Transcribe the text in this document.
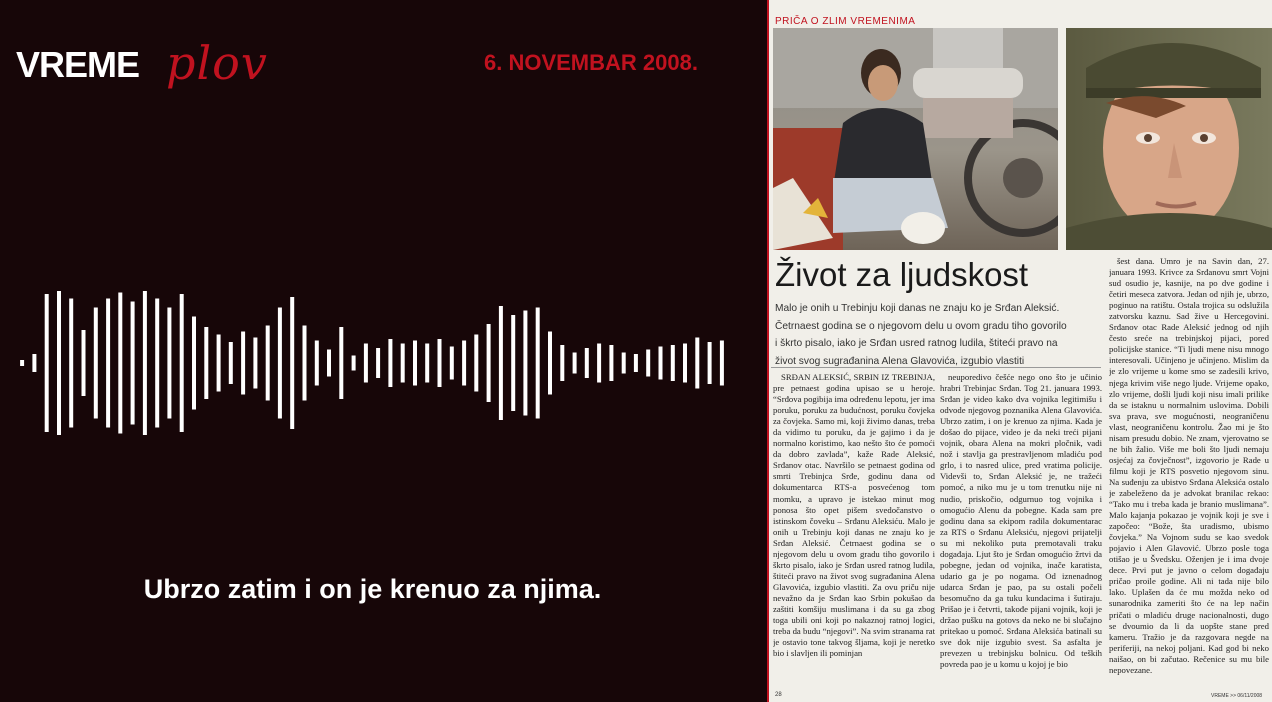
VREME plov	6. NOVEMBAR 2008.
Ubrzo zatim i on je krenuo za njima.
PRIČA O ZLIM VREMENIMA
Život za ljudskost
Malo je onih u Trebinju koji danas ne znaju ko je Srđan Aleksić. Četrnaest godina se o njegovom delu u ovom gradu tiho govorilo i škrto pisalo, iako je Srđan usred ratnog ludila, štiteći pravo na život svog sugrađanina Alena Glavovića, izgubio vlastiti

SRĐAN ALEKSIĆ, SRBIN IZ TREBINJA, pre petnaest godina upisao se u heroje. “Srđova pogibija ima određenu lepotu, jer ima poruku, poruku za budućnost, poruku čovjeka za čovjeka. Samo mi, koji živimo danas, treba da vidimo tu poruku, da je gajimo i da je normalno koristimo, kao nešto što će pomoći da dobro zavlada”, kaže Rade Aleksić, Srđanov otac. Navršilo se petnaest godina od smrti Trebinjca Srđe, godinu dana od dokumentarca RTS-a posvećenog tom momku, a upravo je istekao minut mog ponosa što opet pišem svedočanstvo o istinskom čoveku – Srđanu Aleksiću. Malo je onih u Trebinju koji danas ne znaju ko je Srđan Aleksić. Četrnaest godina se o njegovom delu u ovom gradu tiho govorilo i škrto pisalo, iako je Srđan usred ratnog ludila, štiteći pravo na život svog sugrađanina Alena Glavovića, izgubio vlastiti. Za ovu priču nije nevažno da je Srđan kao Srbin pokušao da zaštiti komšiju muslimana i da su ga zbog toga ubili oni koji po nakaznoj ratnoj logici, treba da budu “njegovi”. Na svim stranama rat je ostavio tone takvog šljama, koji je neretko bio i slavljen ili pominjan

neuporedivo češće nego ono što je učinio hrabri Trebinjac Srđan. Tog 21. januara 1993. Srđan je video kako dva vojnika legitimišu i odvode njegovog poznanika Alena Glavovića. Ubrzo zatim, i on je krenuo za njima. Kada je došao do pijace, video je da neki treći pijani vojnik, obara Alena na mokri pločnik, vadi nož i stavlja ga prestravljenom mladiću pod grlo, i to nasred ulice, pred vratima policije. Videvši to, Srđan Aleksić je, ne tražeći pomoć, a niko mu je u tom trenutku nije ni nudio, priskočio, odgurnuo tog vojnika i omogućio Alenu da pobegne. Kada sam pre godinu dana sa ekipom radila dokumentarac za RTS o Srđanu Aleksiću, njegovi prijatelji su mi nekoliko puta premotavali traku događaja. Ljut što je Srđan omogućio žrtvi da pobegne, jedan od vojnika, inače karatista, udario ga je po nogama. Od iznenadnog udarca Srđan je pao, pa su ostali počeli besomučno da ga tuku kundacima i šutiraju. Prišao je i četvrti, takođe pijani vojnik, koji je držao pušku na gotovs da neko ne bi slučajno pritekao u pomoć. Srđana Aleksića batinali su sve dok nije izgubio svest. Sa asfalta je prevezen u trebinjsku bolnicu. Od teških povreda pao je u komu u kojoj je bio

šest dana. Umro je na Savin dan, 27. januara 1993. Krivce za Srđanovu smrt Vojni sud osudio je, kasnije, na po dve godine i četiri meseca zatvora. Jedan od njih je, ubrzo, poginuo na ratištu. Ostala trojica su odslužila zatvorsku kaznu. Sad žive u Hercegovini. Srđanov otac Rade Aleksić jednog od njih često sreće na trebinjskoj pijaci, pored policijske stanice. “Ti ljudi mene nisu mnogo interesovali. Učinjeno je učinjeno. Mislim da je zlo vrijeme u kome smo se zadesili krivo, njega krivim više nego ljude. Vrijeme opako, zlo vrijeme, došli ljudi koji nisu imali prilike da se istaknu u normalnim uslovima. Dobili sva prava, sve mogućnosti, neograničenu vlast, neograničenu kontrolu. Žao mi je što nisam presudu dobio. Ne znam, vjerovatno se ne bih žalio. Više me boli što ljudi nemaju osjećaj za čovječnost”, izgovorio je Rade u filmu koji je RTS posvetio njegovom sinu. Na suđenju za ubistvo Srđana Aleksića ostalo je zabeleženo da je advokat branilac rekao: “Tako mu i treba kada je branio muslimana”. Malo kajanja pokazao je vojnik koji je sve i započeo: “Bože, šta uradismo, ubismo čovjeka.” Na Vojnom sudu se kao svedok pojavio i Alen Glavović. Ubrzo posle toga otišao je u Švedsku. Oženjen je i ima dvoje dece. Prvi put je javno o celom događaju pričao proile godine. Ali ni tada nije bilo lako. Uplašen da će mu možda neko od sunarodnika zameriti što će na lep način pričati o mladiću druge nacionalnosti, dugo se dvoumio da li da uopšte stane pred kameru. Tražio je da razgovara negde na periferiji, na nekoj poljani. Kad god bi neko naišao, on bi začutao. Rečenice su mu bile nepovezane.

28	VREME >> 06/11/2008
